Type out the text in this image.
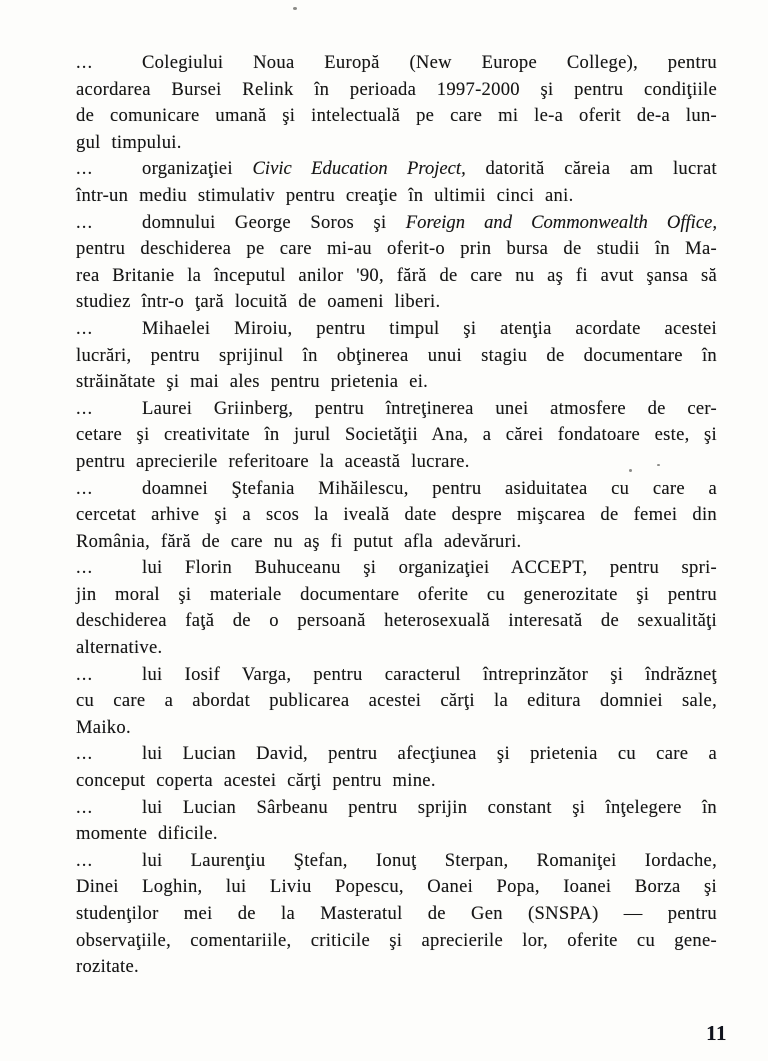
...	Colegiului Noua Europă (New Europe College), pentru
acordarea Bursei Relink în perioada 1997-2000 şi pentru condiţiile
de comunicare umană şi intelectuală pe care mi le-a oferit de-a lun-
gul timpului.
...	organizaţiei Civic Education Project, datorită căreia am lucrat
într-un mediu stimulativ pentru creaţie în ultimii cinci ani.
...	domnului George Soros şi Foreign and Commonwealth Office,
pentru deschiderea pe care mi-au oferit-o prin bursa de studii în Ma-
rea Britanie la începutul anilor '90, fără de care nu aş fi avut şansa să
studiez într-o ţară locuită de oameni liberi.
...	Mihaelei Miroiu, pentru timpul şi atenţia acordate acestei
lucrări, pentru sprijinul în obţinerea unui stagiu de documentare în
străinătate şi mai ales pentru prietenia ei.
...	Laurei Griinberg, pentru întreţinerea unei atmosfere de cer-
cetare şi creativitate în jurul Societăţii Ana, a cărei fondatoare este, şi
pentru aprecierile referitoare la această lucrare.
...	doamnei Ştefania Mihăilescu, pentru asiduitatea cu care a
cercetat arhive şi a scos la iveală date despre mişcarea de femei din
România, fără de care nu aş fi putut afla adevăruri.
...	lui Florin Buhuceanu şi organizaţiei ACCEPT, pentru spri-
jin moral şi materiale documentare oferite cu generozitate şi pentru
deschiderea faţă de o persoană heterosexuală interesată de sexualităţi
alternative.
...	lui Iosif Varga, pentru caracterul întreprinzător şi îndrăzneţ
cu care a abordat publicarea acestei cărţi la editura domniei sale,
Maiko.
...	lui Lucian David, pentru afecţiunea şi prietenia cu care a
conceput coperta acestei cărţi pentru mine.
...	lui Lucian Sârbeanu pentru sprijin constant şi înţelegere în
momente dificile.
...	lui Laurenţiu Ştefan, Ionuţ Sterpan, Romaniţei Iordache,
Dinei Loghin, lui Liviu Popescu, Oanei Popa, Ioanei Borza şi
studenţilor mei de la Masteratul de Gen (SNSPA) — pentru
observaţiile, comentariile, criticile şi aprecierile lor, oferite cu gene-
rozitate.
11
